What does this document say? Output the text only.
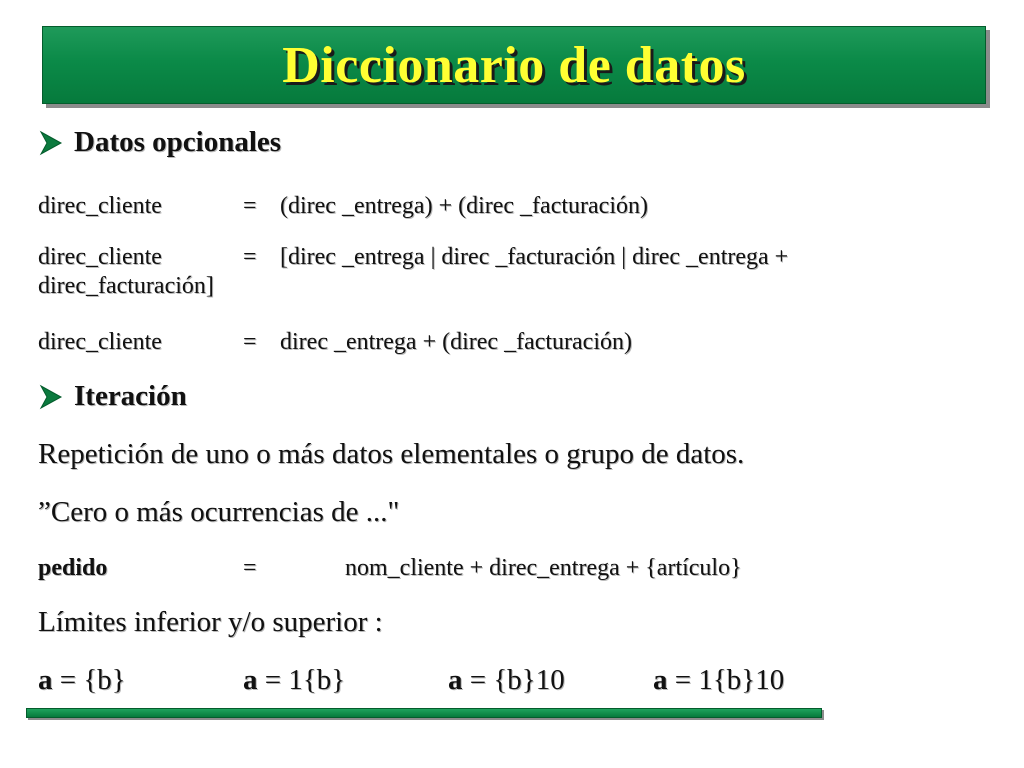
Diccionario de datos
Datos opcionales
direc_cliente	= (direc _entrega) + (direc _facturación)
direc_cliente	= [direc _entrega | direc _facturación | direc _entrega +
direc_facturación]
direc_cliente	= direc _entrega + (direc _facturación)
Iteración
Repetición de uno o más datos elementales o grupo de datos.
”Cero o más ocurrencias de ..."
pedido	=	nom_cliente + direc_entrega + {artículo}
Límites inferior y/o superior :
a = {b}	a = 1{b}	a = {b}10	a = 1{b}10
